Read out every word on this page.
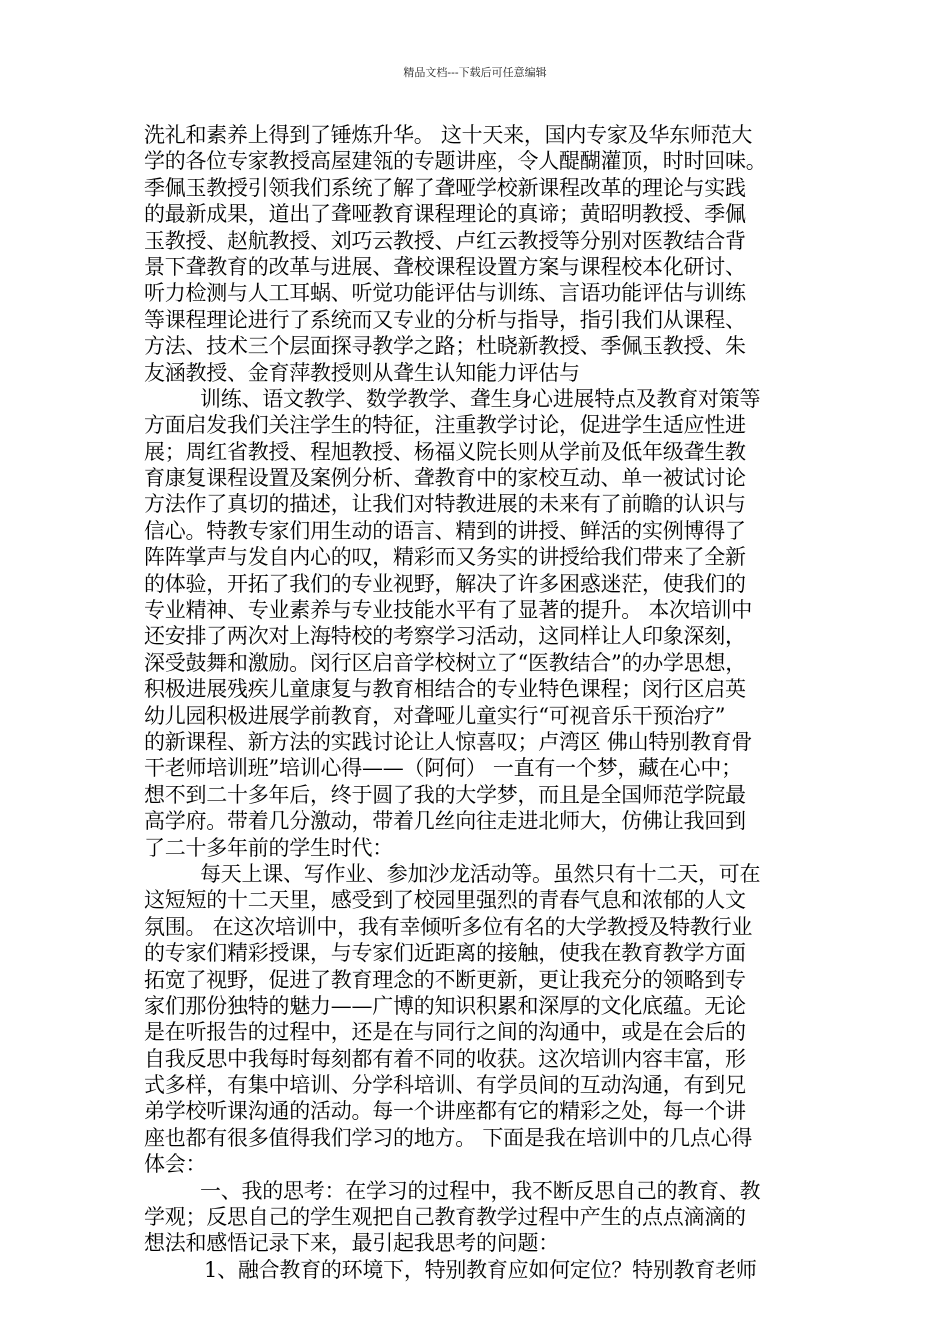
精品文档---下载后可任意编辑
洗礼和素养上得到了锤炼升华。 这十天来，国内专家及华东师范大
学的各位专家教授高屋建瓴的专题讲座，令人醍醐灌顶，时时回味。
季佩玉教授引领我们系统了解了聋哑学校新课程改革的理论与实践
的最新成果，道出了聋哑教育课程理论的真谛；黄昭明教授、季佩
玉教授、赵航教授、刘巧云教授、卢红云教授等分别对医教结合背
景下聋教育的改革与进展、聋校课程设置方案与课程校本化研讨、
听力检测与人工耳蜗、听觉功能评估与训练、言语功能评估与训练
等课程理论进行了系统而又专业的分析与指导，指引我们从课程、
方法、技术三个层面探寻教学之路；杜晓新教授、季佩玉教授、朱
友涵教授、金育萍教授则从聋生认知能力评估与
训练、语文教学、数学教学、聋生身心进展特点及教育对策等
方面启发我们关注学生的特征，注重教学讨论，促进学生适应性进
展；周红省教授、程旭教授、杨福义院长则从学前及低年级聋生教
育康复课程设置及案例分析、聋教育中的家校互动、单一被试讨论
方法作了真切的描述，让我们对特教进展的未来有了前瞻的认识与
信心。特教专家们用生动的语言、精到的讲授、鲜活的实例博得了
阵阵掌声与发自内心的叹，精彩而又务实的讲授给我们带来了全新
的体验，开拓了我们的专业视野，解决了许多困惑迷茫，使我们的
专业精神、专业素养与专业技能水平有了显著的提升。 本次培训中
还安排了两次对上海特校的考察学习活动，这同样让人印象深刻，
深受鼓舞和激励。闵行区启音学校树立了“医教结合”的办学思想，
积极进展残疾儿童康复与教育相结合的专业特色课程；闵行区启英
幼儿园积极进展学前教育，对聋哑儿童实行“可视音乐干预治疗”
的新课程、新方法的实践讨论让人惊喜叹；卢湾区 佛山特别教育骨
干老师培训班”培训心得——（阿何） 一直有一个梦，藏在心中；
想不到二十多年后，终于圆了我的大学梦，而且是全国师范学院最
高学府。带着几分激动，带着几丝向往走进北师大，仿佛让我回到
了二十多年前的学生时代：
每天上课、写作业、参加沙龙活动等。虽然只有十二天，可在
这短短的十二天里，感受到了校园里强烈的青春气息和浓郁的人文
氛围。 在这次培训中，我有幸倾听多位有名的大学教授及特教行业
的专家们精彩授课，与专家们近距离的接触，使我在教育教学方面
拓宽了视野，促进了教育理念的不断更新，更让我充分的领略到专
家们那份独特的魅力——广博的知识积累和深厚的文化底蕴。无论
是在听报告的过程中，还是在与同行之间的沟通中，或是在会后的
自我反思中我每时每刻都有着不同的收获。这次培训内容丰富，形
式多样，有集中培训、分学科培训、有学员间的互动沟通，有到兄
弟学校听课沟通的活动。每一个讲座都有它的精彩之处，每一个讲
座也都有很多值得我们学习的地方。 下面是我在培训中的几点心得
体会：
一、我的思考：在学习的过程中，我不断反思自己的教育、教
学观；反思自己的学生观把自己教育教学过程中产生的点点滴滴的
想法和感悟记录下来，最引起我思考的问题：
1、融合教育的环境下，特别教育应如何定位？特别教育老师
